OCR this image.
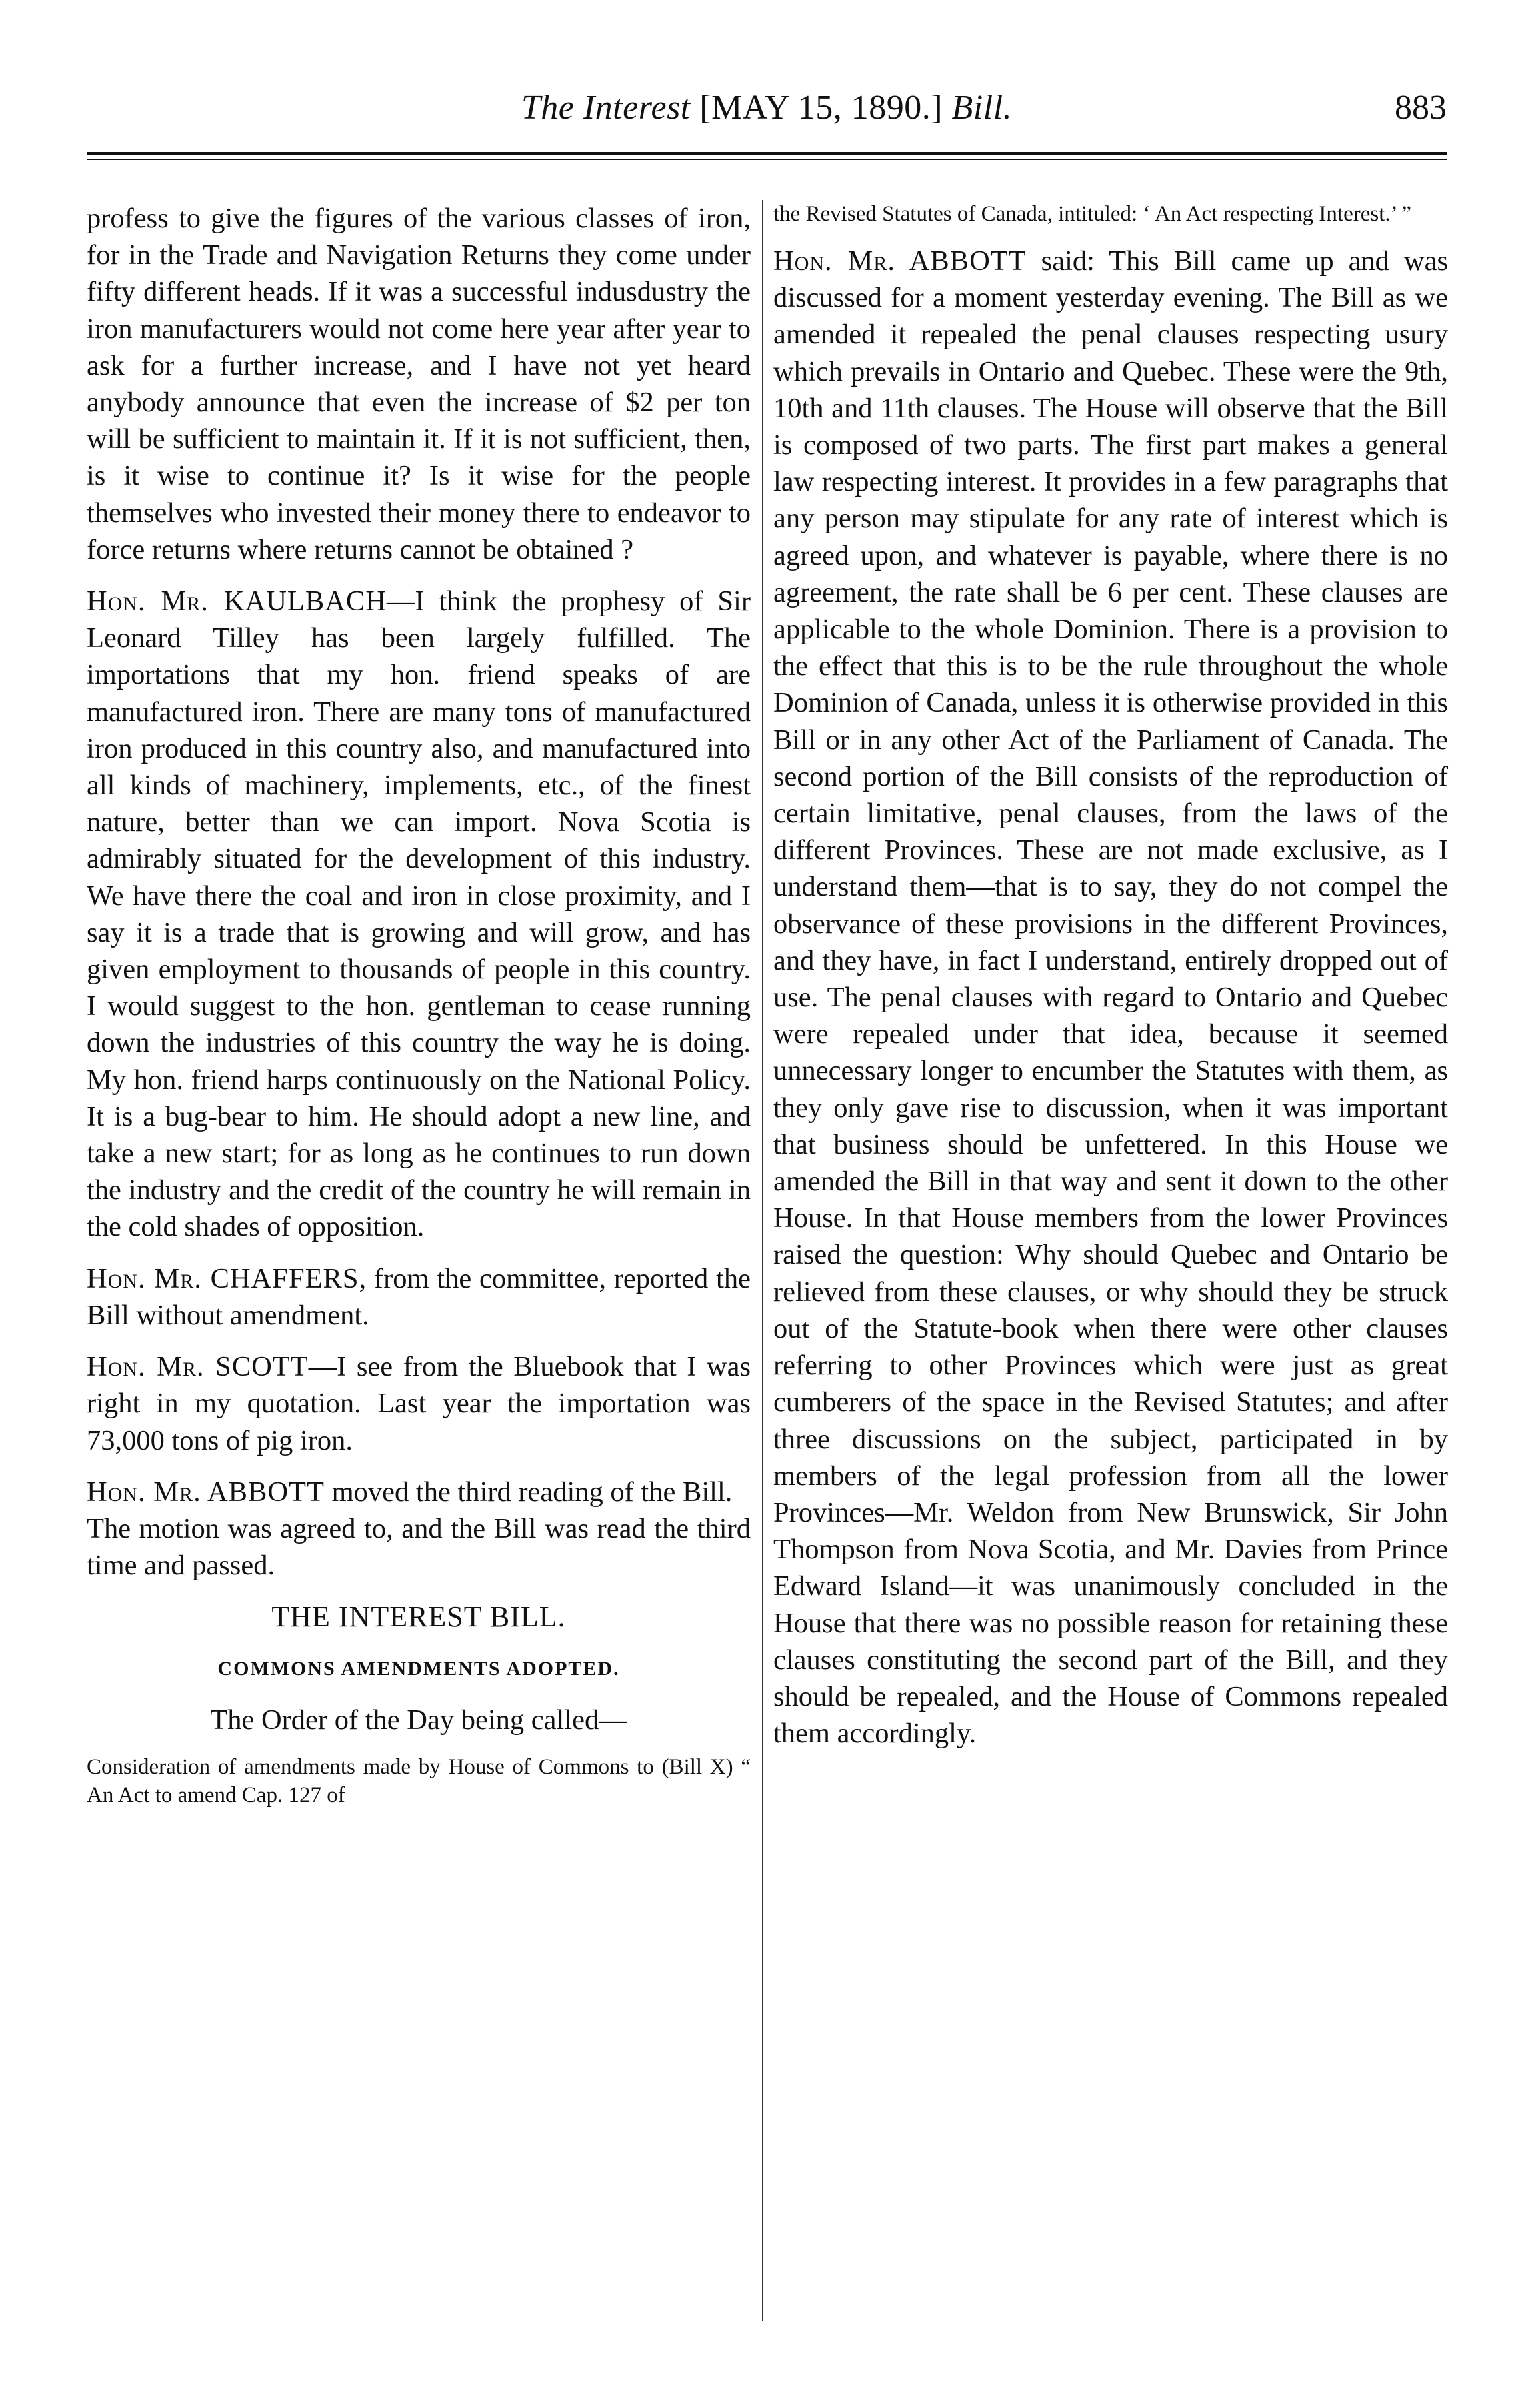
The Interest [MAY 15, 1890.] Bill.	883

profess to give the figures of the various classes of iron, for in the Trade and Navigation Returns they come under fifty different heads. If it was a successful indusdustry the iron manufacturers would not come here year after year to ask for a further increase, and I have not yet heard anybody announce that even the increase of $2 per ton will be sufficient to maintain it. If it is not sufficient, then, is it wise to continue it? Is it wise for the people themselves who invested their money there to endeavor to force returns where returns cannot be obtained ?

Hon. Mr. KAULBACH—I think the prophesy of Sir Leonard Tilley has been largely fulfilled. The importations that my hon. friend speaks of are manufactured iron. There are many tons of manufactured iron produced in this country also, and manufactured into all kinds of machinery, implements, etc., of the finest nature, better than we can import. Nova Scotia is admirably situated for the development of this industry. We have there the coal and iron in close proximity, and I say it is a trade that is growing and will grow, and has given employment to thousands of people in this country. I would suggest to the hon. gentleman to cease running down the industries of this country the way he is doing. My hon. friend harps continuously on the National Policy. It is a bug-bear to him. He should adopt a new line, and take a new start; for as long as he continues to run down the industry and the credit of the country he will remain in the cold shades of opposition.

Hon. Mr. CHAFFERS, from the committee, reported the Bill without amendment.

Hon. Mr. SCOTT—I see from the Bluebook that I was right in my quotation. Last year the importation was 73,000 tons of pig iron.

Hon. Mr. ABBOTT moved the third reading of the Bill.

The motion was agreed to, and the Bill was read the third time and passed.

THE INTEREST BILL.
COMMONS AMENDMENTS ADOPTED.

The Order of the Day being called—

Consideration of amendments made by House of Commons to (Bill X) “ An Act to amend Cap. 127 of

the Revised Statutes of Canada, intituled: ‘ An Act respecting Interest.’ ”

Hon. Mr. ABBOTT said: This Bill came up and was discussed for a moment yesterday evening. The Bill as we amended it repealed the penal clauses respecting usury which prevails in Ontario and Quebec. These were the 9th, 10th and 11th clauses. The House will observe that the Bill is composed of two parts. The first part makes a general law respecting interest. It provides in a few paragraphs that any person may stipulate for any rate of interest which is agreed upon, and whatever is payable, where there is no agreement, the rate shall be 6 per cent. These clauses are applicable to the whole Dominion. There is a provision to the effect that this is to be the rule throughout the whole Dominion of Canada, unless it is otherwise provided in this Bill or in any other Act of the Parliament of Canada. The second portion of the Bill consists of the reproduction of certain limitative, penal clauses, from the laws of the different Provinces. These are not made exclusive, as I understand them—that is to say, they do not compel the observance of these provisions in the different Provinces, and they have, in fact I understand, entirely dropped out of use. The penal clauses with regard to Ontario and Quebec were repealed under that idea, because it seemed unnecessary longer to encumber the Statutes with them, as they only gave rise to discussion, when it was important that business should be unfettered. In this House we amended the Bill in that way and sent it down to the other House. In that House members from the lower Provinces raised the question: Why should Quebec and Ontario be relieved from these clauses, or why should they be struck out of the Statute-book when there were other clauses referring to other Provinces which were just as great cumberers of the space in the Revised Statutes; and after three discussions on the subject, participated in by members of the legal profession from all the lower Provinces—Mr. Weldon from New Brunswick, Sir John Thompson from Nova Scotia, and Mr. Davies from Prince Edward Island—it was unanimously concluded in the House that there was no possible reason for retaining these clauses constituting the second part of the Bill, and they should be repealed, and the House of Commons repealed them accordingly.
